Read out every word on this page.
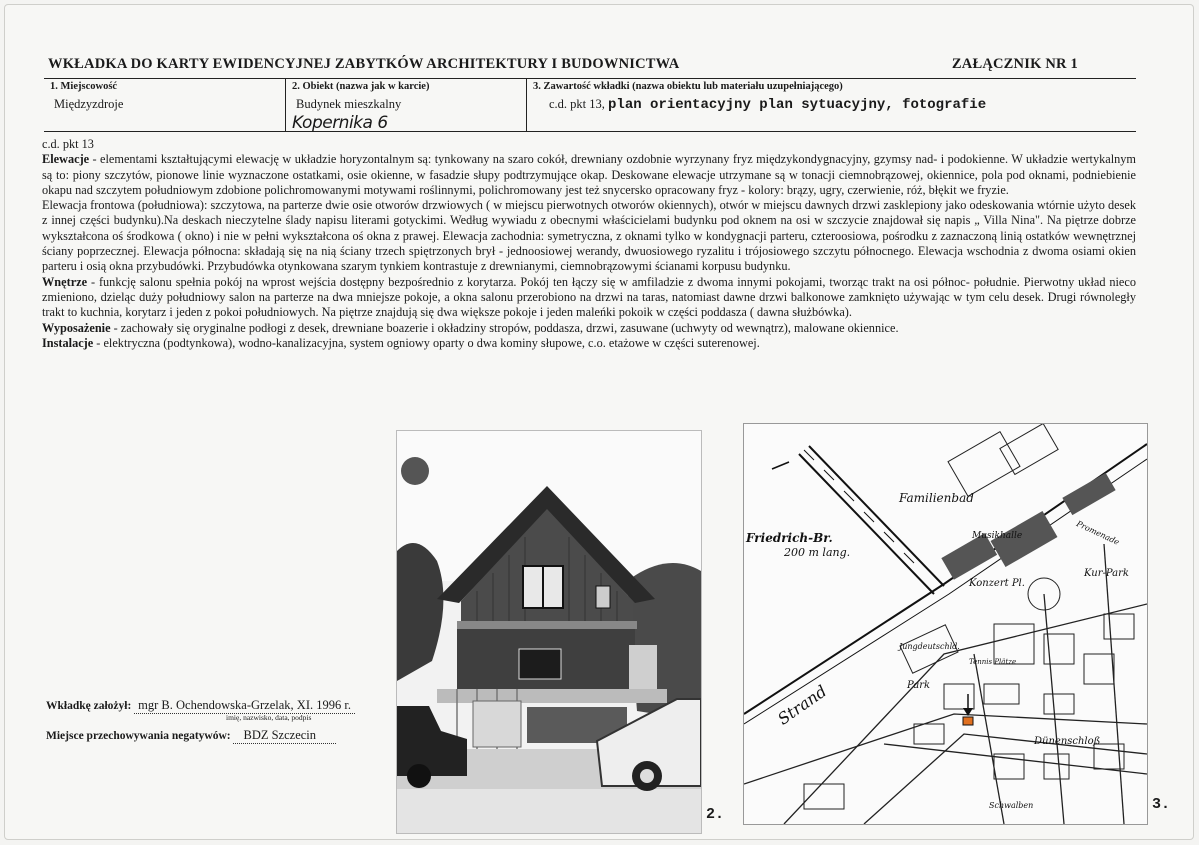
WKŁADKA DO KARTY EWIDENCYJNEJ ZABYTKÓW ARCHITEKTURY I BUDOWNICTWA	ZAŁĄCZNIK NR 1
1. Miejscowość
Międzyzdroje
2. Obiekt (nazwa jak w karcie)
Budynek mieszkalny
Kopernika 6
3. Zawartość wkładki (nazwa obiektu lub materiału uzupełniającego)
c.d. pkt 13, plan orientacyjny plan sytuacyjny, fotografie

c.d. pkt 13

Elewacje - elementami kształtującymi elewację w układzie horyzontalnym są: tynkowany na szaro cokół, drewniany ozdobnie wyrzynany fryz międzykondygnacyjny, gzymsy nad- i podokienne. W układzie wertykalnym są to: piony szczytów, pionowe linie wyznaczone ostatkami, osie okienne, w fasadzie słupy podtrzymujące okap. Deskowane elewacje utrzymane są w tonacji ciemnobrązowej, okiennice, pola pod oknami, podniebienie okapu nad szczytem południowym zdobione polichromowanymi motywami roślinnymi, polichromowany jest też snycersko opracowany fryz - kolory: brązy, ugry, czerwienie, róż, błękit we fryzie.

Elewacja frontowa (południowa): szczytowa, na parterze dwie osie otworów drzwiowych ( w miejscu pierwotnych otworów okiennych), otwór w miejscu dawnych drzwi zasklepiony jako odeskowania wtórnie użyto desek z innej części budynku).Na deskach nieczytelne ślady napisu literami gotyckimi. Według wywiadu z obecnymi właścicielami budynku pod oknem na osi w szczycie znajdował się napis „ Villa Nina". Na piętrze dobrze wykształcona oś środkowa ( okno) i nie w pełni wykształcona oś okna z prawej. Elewacja zachodnia: symetryczna, z oknami tylko w kondygnacji parteru, czteroosiowa, pośrodku z zaznaczoną linią ostatków wewnętrznej ściany poprzecznej. Elewacja północna: składają się na nią ściany trzech spiętrzonych brył - jednoosiowej werandy, dwuosiowego ryzalitu i trójosiowego szczytu północnego. Elewacja wschodnia z dwoma osiami okien parteru i osią okna przybudówki. Przybudówka otynkowana szarym tynkiem kontrastuje z drewnianymi, ciemnobrązowymi ścianami korpusu budynku.

Wnętrze - funkcję salonu spełnia pokój na wprost wejścia dostępny bezpośrednio z korytarza. Pokój ten łączy się w amfiladzie z dwoma innymi pokojami, tworząc trakt na osi północ- południe. Pierwotny układ nieco zmieniono, dzieląc duży południowy salon na parterze na dwa mniejsze pokoje, a okna salonu przerobiono na drzwi na taras, natomiast dawne drzwi balkonowe zamknięto używając w tym celu desek. Drugi równoległy trakt to kuchnia, korytarz i jeden z pokoi południowych. Na piętrze znajdują się dwa większe pokoje i jeden maleńki pokoik w części poddasza ( dawna służbówka).

Wyposażenie - zachowały się oryginalne podłogi z desek, drewniane boazerie i okładziny stropów, poddasza, drzwi, zasuwane (uchwyty od wewnątrz), malowane okiennice.

Instalacje - elektryczna (podtynkowa), wodno-kanalizacyjna, system ogniowy oparty o dwa kominy słupowe, c.o. etażowe w części suterenowej.

Wkładkę założył: mgr B. Ochendowska-Grzelak, XI. 1996 r.
imię, nazwisko, data, podpis
Miejsce przechowywania negatywów: BDZ Szczecin
2.
Familienbad
Friedrich-Br.
200 m lang.
Musikhalle
Konzert Pl.
Kur-Park
Strand	Park
Dünenschloß
Jungdeutschld.
Tennis Plätze
Schwalben
Promenade
3.
